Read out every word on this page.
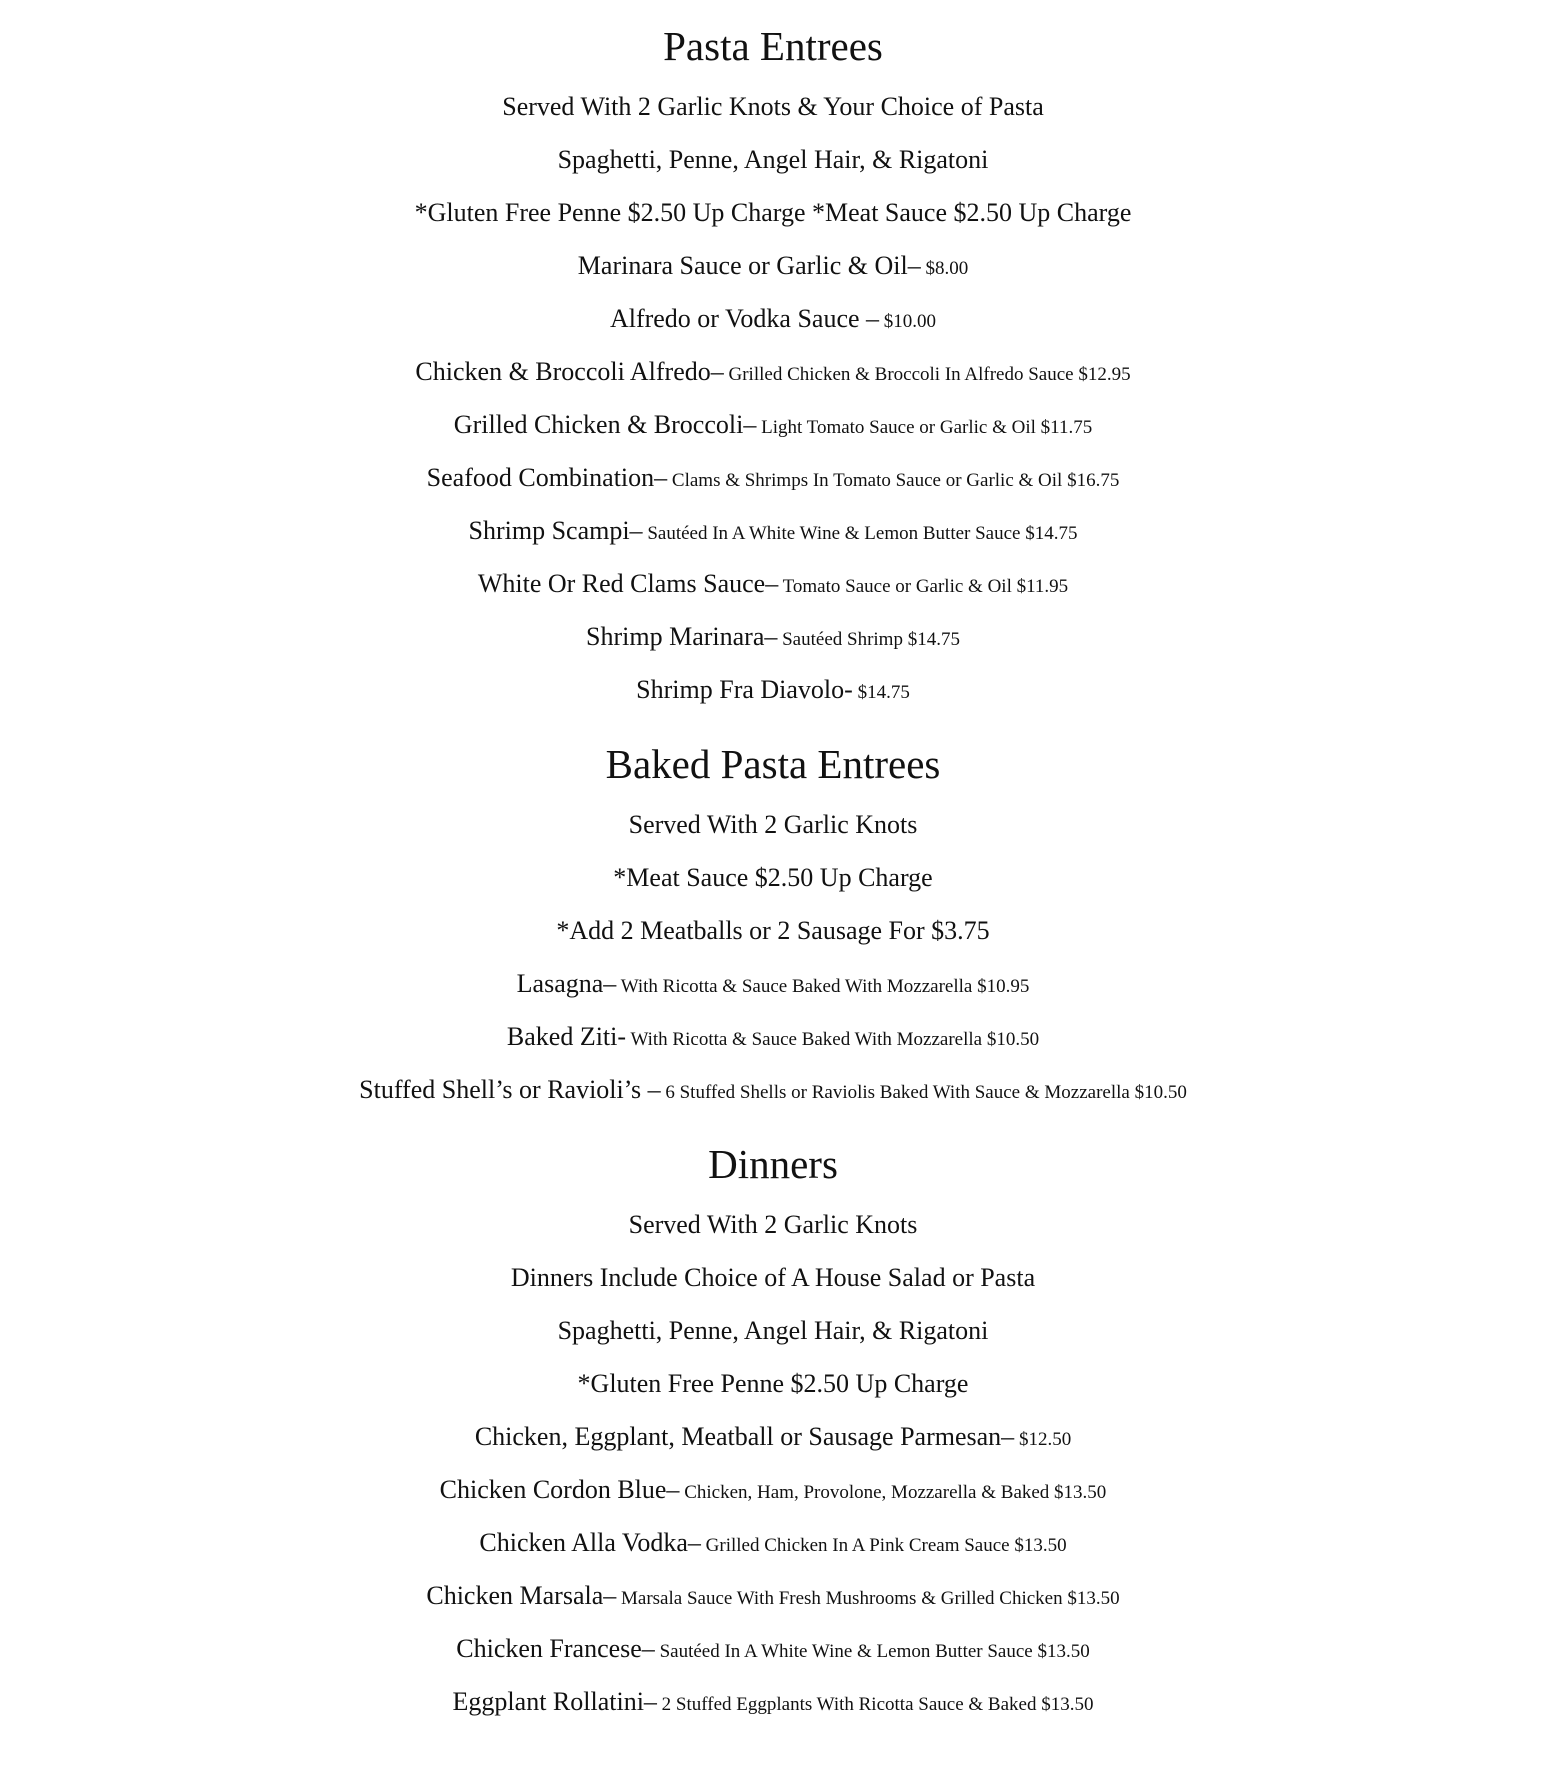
Pasta Entrees

Served With 2 Garlic Knots & Your Choice of Pasta

Spaghetti, Penne, Angel Hair, & Rigatoni

*Gluten Free Penne $2.50 Up Charge *Meat Sauce $2.50 Up Charge

Marinara Sauce or Garlic & Oil– $8.00

Alfredo or Vodka Sauce – $10.00

Chicken & Broccoli Alfredo– Grilled Chicken & Broccoli In Alfredo Sauce $12.95

Grilled Chicken & Broccoli– Light Tomato Sauce or Garlic & Oil $11.75

Seafood Combination– Clams & Shrimps In Tomato Sauce or Garlic & Oil $16.75

Shrimp Scampi– Sautéed In A White Wine & Lemon Butter Sauce $14.75

White Or Red Clams Sauce– Tomato Sauce or Garlic & Oil $11.95

Shrimp Marinara– Sautéed Shrimp $14.75

Shrimp Fra Diavolo- $14.75

Baked Pasta Entrees

Served With 2 Garlic Knots

*Meat Sauce $2.50 Up Charge

*Add 2 Meatballs or 2 Sausage For $3.75

Lasagna– With Ricotta & Sauce Baked With Mozzarella $10.95

Baked Ziti- With Ricotta & Sauce Baked With Mozzarella $10.50

Stuffed Shell’s or Ravioli’s – 6 Stuffed Shells or Raviolis Baked With Sauce & Mozzarella $10.50

Dinners

Served With 2 Garlic Knots

Dinners Include Choice of A House Salad or Pasta

Spaghetti, Penne, Angel Hair, & Rigatoni

*Gluten Free Penne $2.50 Up Charge

Chicken, Eggplant, Meatball or Sausage Parmesan– $12.50

Chicken Cordon Blue– Chicken, Ham, Provolone, Mozzarella & Baked $13.50

Chicken Alla Vodka– Grilled Chicken In A Pink Cream Sauce $13.50

Chicken Marsala– Marsala Sauce With Fresh Mushrooms & Grilled Chicken $13.50

Chicken Francese– Sautéed In A White Wine & Lemon Butter Sauce $13.50

Eggplant Rollatini– 2 Stuffed Eggplants With Ricotta Sauce & Baked $13.50
